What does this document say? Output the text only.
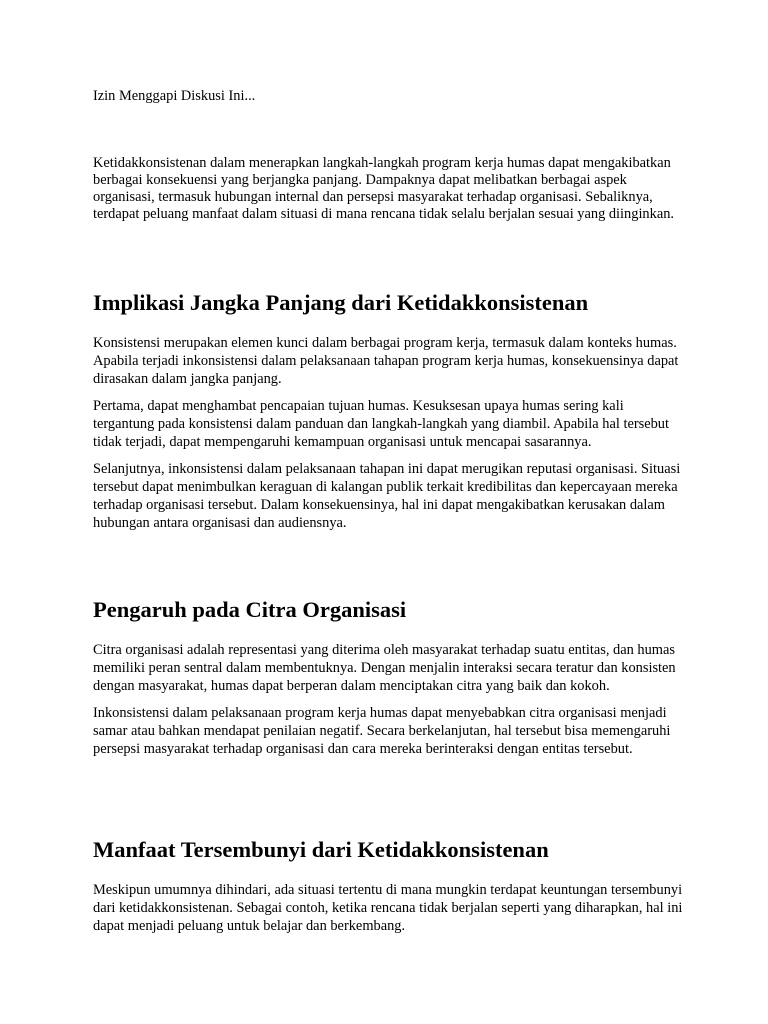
Izin Menggapi Diskusi Ini...

Ketidakkonsistenan dalam menerapkan langkah-langkah program kerja humas dapat mengakibatkan berbagai konsekuensi yang berjangka panjang. Dampaknya dapat melibatkan berbagai aspek organisasi, termasuk hubungan internal dan persepsi masyarakat terhadap organisasi. Sebaliknya, terdapat peluang manfaat dalam situasi di mana rencana tidak selalu berjalan sesuai yang diinginkan.

Implikasi Jangka Panjang dari Ketidakkonsistenan

Konsistensi merupakan elemen kunci dalam berbagai program kerja, termasuk dalam konteks humas. Apabila terjadi inkonsistensi dalam pelaksanaan tahapan program kerja humas, konsekuensinya dapat dirasakan dalam jangka panjang.

Pertama, dapat menghambat pencapaian tujuan humas. Kesuksesan upaya humas sering kali tergantung pada konsistensi dalam panduan dan langkah-langkah yang diambil. Apabila hal tersebut tidak terjadi, dapat mempengaruhi kemampuan organisasi untuk mencapai sasarannya.

Selanjutnya, inkonsistensi dalam pelaksanaan tahapan ini dapat merugikan reputasi organisasi. Situasi tersebut dapat menimbulkan keraguan di kalangan publik terkait kredibilitas dan kepercayaan mereka terhadap organisasi tersebut. Dalam konsekuensinya, hal ini dapat mengakibatkan kerusakan dalam hubungan antara organisasi dan audiensnya.

Pengaruh pada Citra Organisasi

Citra organisasi adalah representasi yang diterima oleh masyarakat terhadap suatu entitas, dan humas memiliki peran sentral dalam membentuknya. Dengan menjalin interaksi secara teratur dan konsisten dengan masyarakat, humas dapat berperan dalam menciptakan citra yang baik dan kokoh.

Inkonsistensi dalam pelaksanaan program kerja humas dapat menyebabkan citra organisasi menjadi samar atau bahkan mendapat penilaian negatif. Secara berkelanjutan, hal tersebut bisa memengaruhi persepsi masyarakat terhadap organisasi dan cara mereka berinteraksi dengan entitas tersebut.

Manfaat Tersembunyi dari Ketidakkonsistenan

Meskipun umumnya dihindari, ada situasi tertentu di mana mungkin terdapat keuntungan tersembunyi dari ketidakkonsistenan. Sebagai contoh, ketika rencana tidak berjalan seperti yang diharapkan, hal ini dapat menjadi peluang untuk belajar dan berkembang.
